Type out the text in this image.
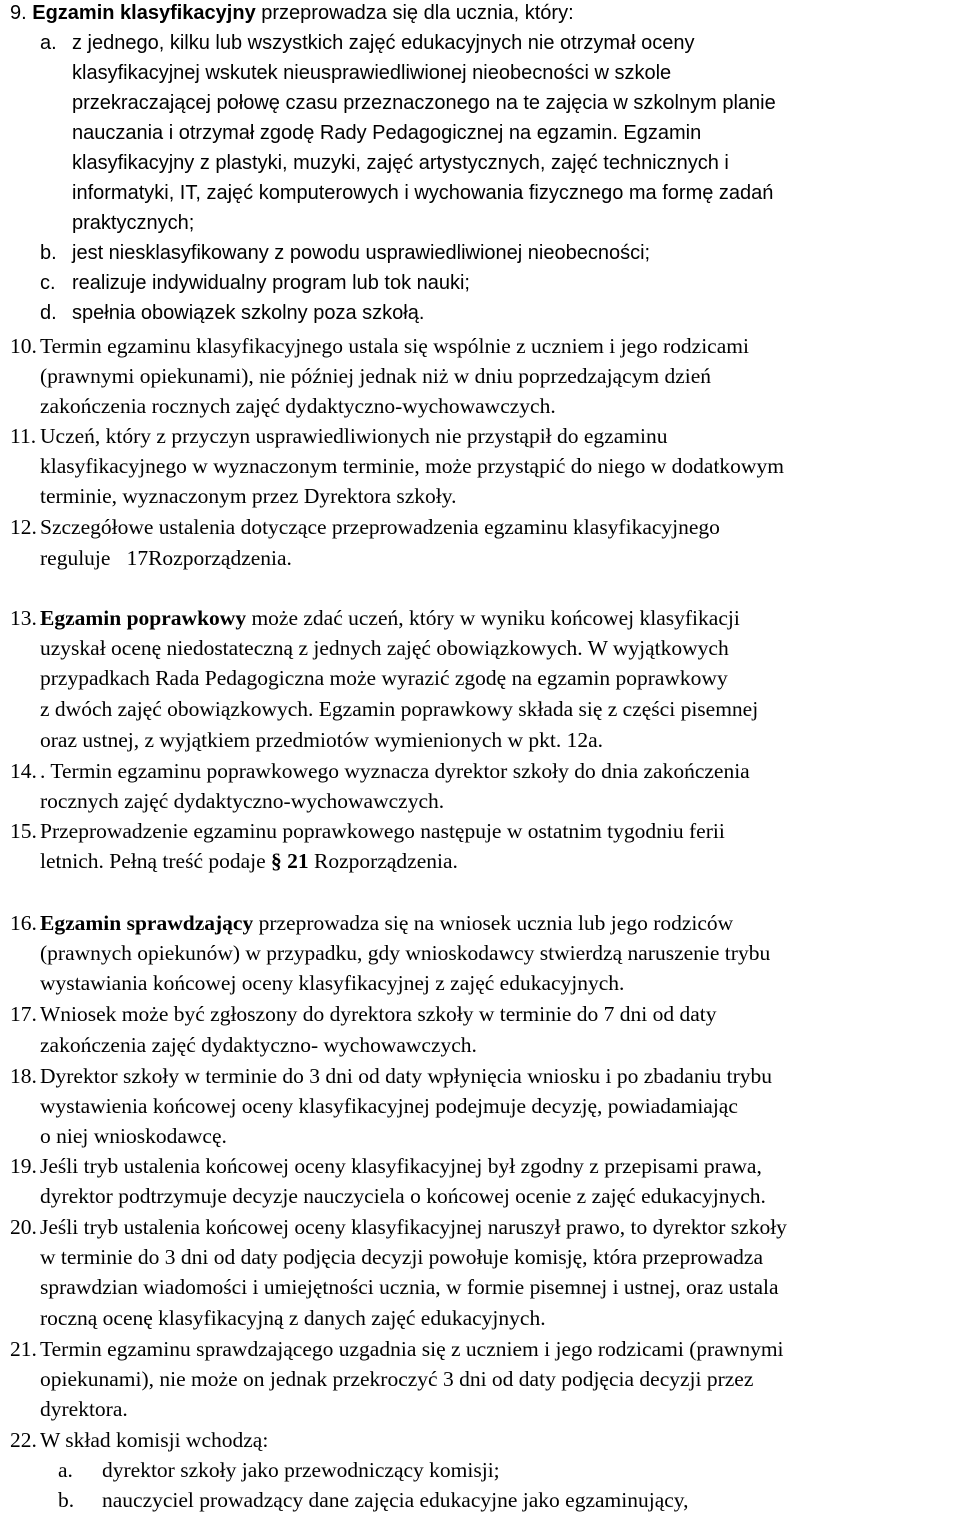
9. Egzamin klasyfikacyjny przeprowadza się dla ucznia, który:
a. z jednego, kilku lub wszystkich zajęć edukacyjnych nie otrzymał oceny
klasyfikacyjnej wskutek nieusprawiedliwionej nieobecności w szkole
przekraczającej połowę czasu przeznaczonego na te zajęcia w szkolnym planie
nauczania i otrzymał zgodę Rady Pedagogicznej na egzamin. Egzamin
klasyfikacyjny z plastyki, muzyki, zajęć artystycznych, zajęć technicznych i
informatyki, IT, zajęć komputerowych i wychowania fizycznego ma formę zadań
praktycznych;
b. jest niesklasyfikowany z powodu usprawiedliwionej nieobecności;
c. realizuje indywidualny program lub tok nauki;
d. spełnia obowiązek szkolny poza szkołą.
10. Termin egzaminu klasyfikacyjnego ustala się wspólnie z uczniem i jego rodzicami
(prawnymi opiekunami), nie później jednak niż w dniu poprzedzającym dzień
zakończenia rocznych zajęć dydaktyczno-wychowawczych.
11. Uczeń, który z przyczyn usprawiedliwionych nie przystąpił do egzaminu
klasyfikacyjnego w wyznaczonym terminie, może przystąpić do niego w dodatkowym
terminie, wyznaczonym przez Dyrektora szkoły.
12. Szczegółowe ustalenia dotyczące przeprowadzenia egzaminu klasyfikacyjnego
reguluje   17Rozporządzenia.
13. Egzamin poprawkowy może zdać uczeń, który w wyniku końcowej klasyfikacji
uzyskał ocenę niedostateczną z jednych zajęć obowiązkowych. W wyjątkowych
przypadkach Rada Pedagogiczna może wyrazić zgodę na egzamin poprawkowy
z dwóch zajęć obowiązkowych. Egzamin poprawkowy składa się z części pisemnej
oraz ustnej, z wyjątkiem przedmiotów wymienionych w pkt. 12a.
14. . Termin egzaminu poprawkowego wyznacza dyrektor szkoły do dnia zakończenia
rocznych zajęć dydaktyczno-wychowawczych.
15. Przeprowadzenie egzaminu poprawkowego następuje w ostatnim tygodniu ferii
letnich. Pełną treść podaje § 21 Rozporządzenia.
16. Egzamin sprawdzający przeprowadza się na wniosek ucznia lub jego rodziców
(prawnych opiekunów) w przypadku, gdy wnioskodawcy stwierdzą naruszenie trybu
wystawiania końcowej oceny klasyfikacyjnej z zajęć edukacyjnych.
17. Wniosek może być zgłoszony do dyrektora szkoły w terminie do 7 dni od daty
zakończenia zajęć dydaktyczno- wychowawczych.
18. Dyrektor szkoły w terminie do 3 dni od daty wpłynięcia wniosku i po zbadaniu trybu
wystawienia końcowej oceny klasyfikacyjnej podejmuje decyzję, powiadamiając
o niej wnioskodawcę.
19. Jeśli tryb ustalenia końcowej oceny klasyfikacyjnej był zgodny z przepisami prawa,
dyrektor podtrzymuje decyzje nauczyciela o końcowej ocenie z zajęć edukacyjnych.
20. Jeśli tryb ustalenia końcowej oceny klasyfikacyjnej naruszył prawo, to dyrektor szkoły
w terminie do 3 dni od daty podjęcia decyzji powołuje komisję, która przeprowadza
sprawdzian wiadomości i umiejętności ucznia, w formie pisemnej i ustnej, oraz ustala
roczną ocenę klasyfikacyjną z danych zajęć edukacyjnych.
21. Termin egzaminu sprawdzającego uzgadnia się z uczniem i jego rodzicami (prawnymi
opiekunami), nie może on jednak przekroczyć 3 dni od daty podjęcia decyzji przez
dyrektora.
22. W skład komisji wchodzą:
a. dyrektor szkoły jako przewodniczący komisji;
b. nauczyciel prowadzący dane zajęcia edukacyjne jako egzaminujący,
